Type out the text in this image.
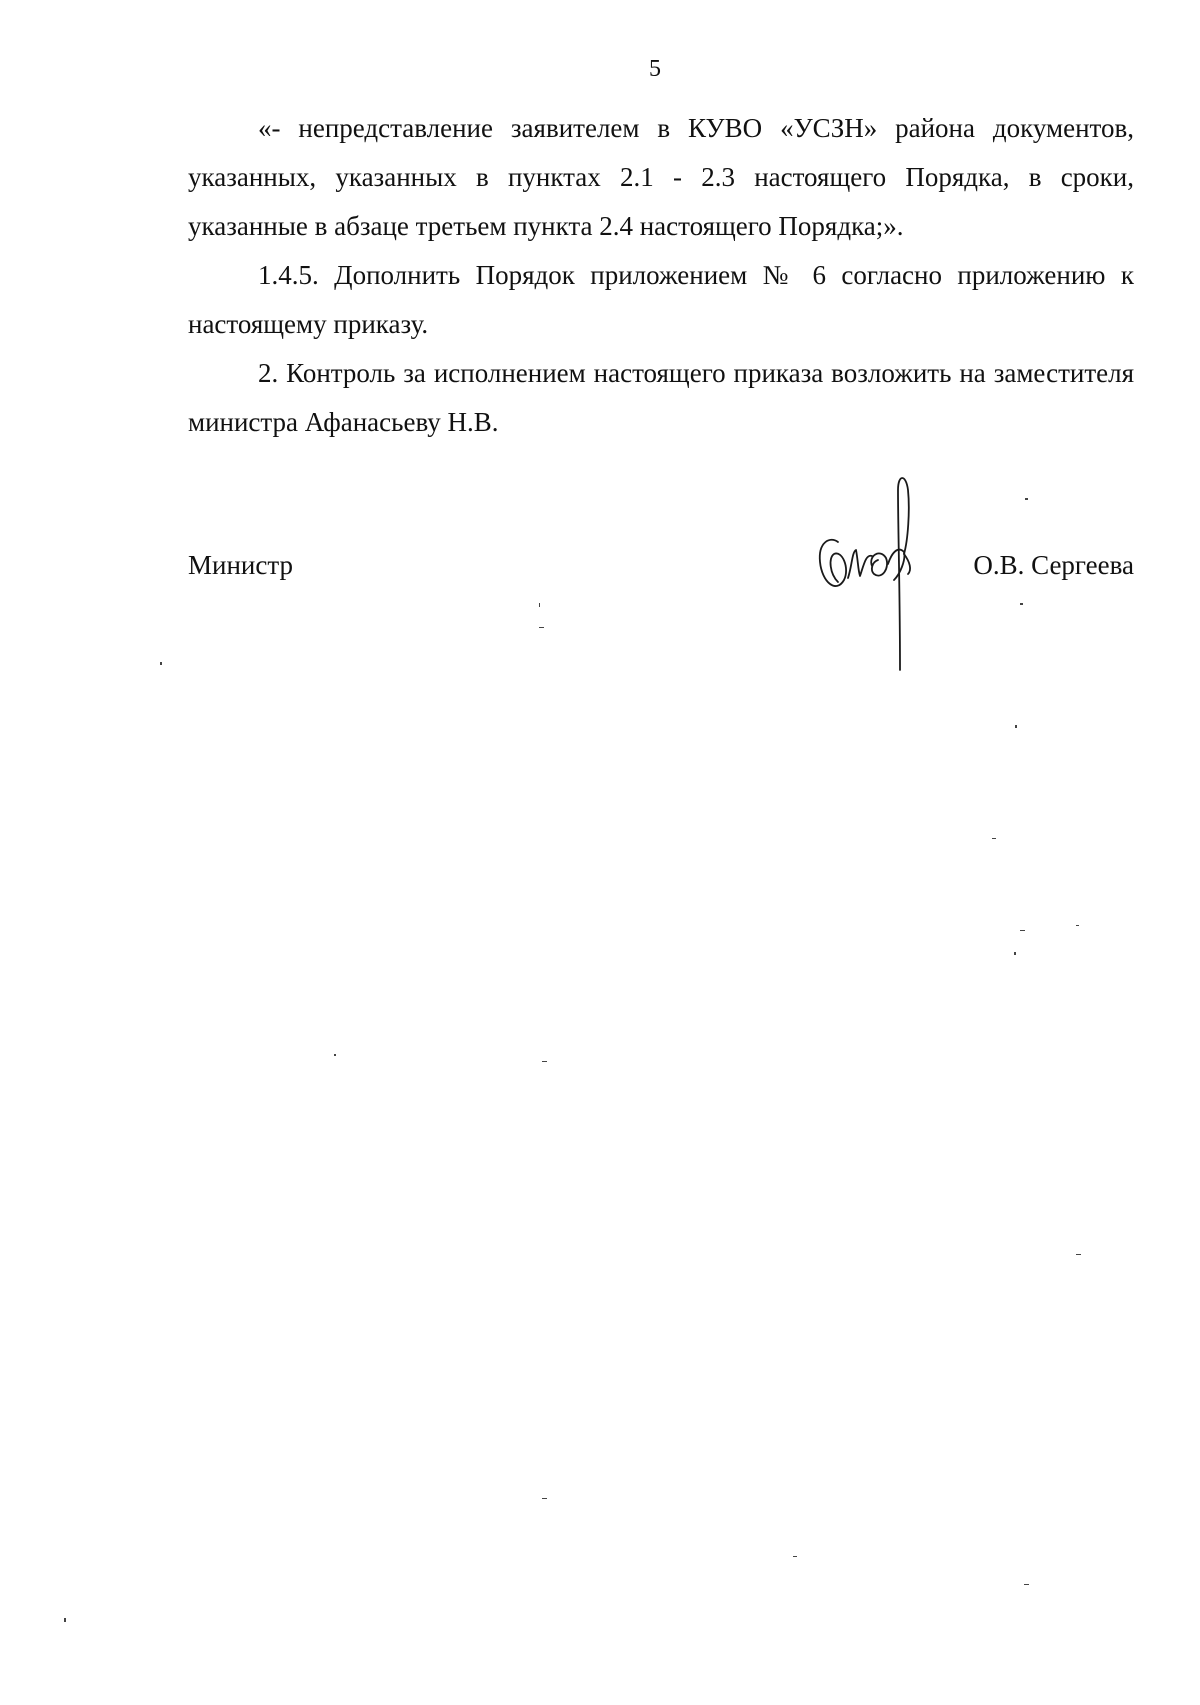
5

«- непредставление заявителем в КУВО «УСЗН» района документов, указанных, указанных в пунктах 2.1 - 2.3 настоящего Порядка, в сроки, указанные в абзаце третьем пункта 2.4 настоящего Порядка;».

1.4.5. Дополнить Порядок приложением № 6 согласно приложению к настоящему приказу.

2. Контроль за исполнением настоящего приказа возложить на заместителя министра Афанасьеву Н.В.

Министр	О.В. Сергеева
